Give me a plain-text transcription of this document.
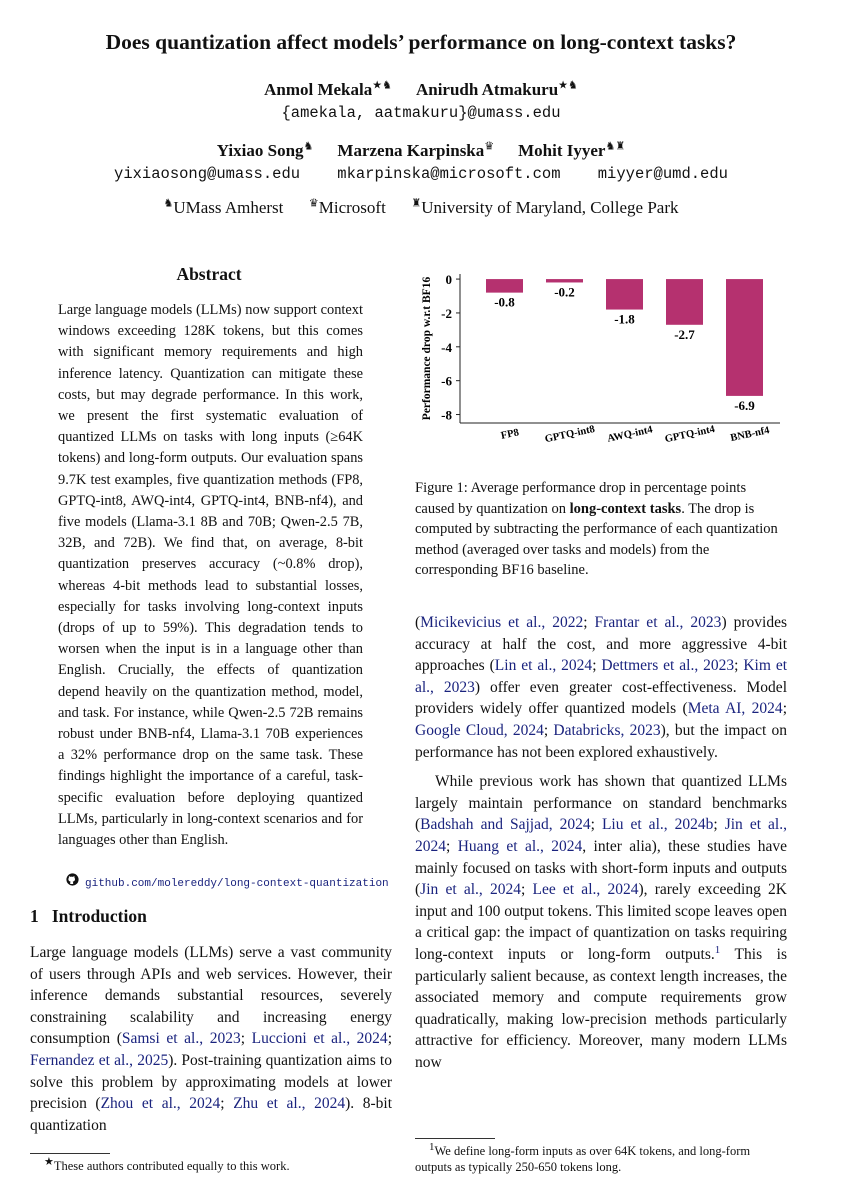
Does quantization affect models’ performance on long-context tasks?
Anmol Mekala★♞ Anirudh Atmakuru★♞
{amekala, aatmakuru}@umass.edu
Yixiao Song♞ Marzena Karpinska♛ Mohit Iyyer♞♜
yixiaosong@umass.edu mkarpinska@microsoft.com miyyer@umd.edu
♞UMass Amherst ♛Microsoft ♜University of Maryland, College Park
Abstract
Large language models (LLMs) now support context windows exceeding 128K tokens, but this comes with significant memory requirements and high inference latency. Quantization can mitigate these costs, but may degrade performance. In this work, we present the first systematic evaluation of quantized LLMs on tasks with long inputs (≥64K tokens) and long-form outputs. Our evaluation spans 9.7K test examples, five quantization methods (FP8, GPTQ-int8, AWQ-int4, GPTQ-int4, BNB-nf4), and five models (Llama-3.1 8B and 70B; Qwen-2.5 7B, 32B, and 72B). We find that, on average, 8-bit quantization preserves accuracy (~0.8% drop), whereas 4-bit methods lead to substantial losses, especially for tasks involving long-context inputs (drops of up to 59%). This degradation tends to worsen when the input is in a language other than English. Crucially, the effects of quantization depend heavily on the quantization method, model, and task. For instance, while Qwen-2.5 72B remains robust under BNB-nf4, Llama-3.1 70B experiences a 32% performance drop on the same task. These findings highlight the importance of a careful, task-specific evaluation before deploying quantized LLMs, particularly in long-context scenarios and for languages other than English.
github.com/molereddy/long-context-quantization
1 Introduction

Large language models (LLMs) serve a vast community of users through APIs and web services. However, their inference demands substantial resources, severely constraining scalability and increasing energy consumption (Samsi et al., 2023; Luccioni et al., 2024; Fernandez et al., 2025). Post-training quantization aims to solve this problem by approximating models at lower precision (Zhou et al., 2024; Zhu et al., 2024). 8-bit quantization

★These authors contributed equally to this work.
0
-2
-4
-6
-8
Performance drop w.r.t BF16	-0.8
FP8
-0.2
GPTQ-int8
-1.8
AWQ-int4
-2.7
GPTQ-int4
-6.9
BNB-nf4
Figure 1: Average performance drop in percentage points caused by quantization on long-context tasks. The drop is computed by subtracting the performance of each quantization method (averaged over tasks and models) from the corresponding BF16 baseline.

(Micikevicius et al., 2022; Frantar et al., 2023) provides accuracy at half the cost, and more aggressive 4-bit approaches (Lin et al., 2024; Dettmers et al., 2023; Kim et al., 2023) offer even greater cost-effectiveness. Model providers widely offer quantized models (Meta AI, 2024; Google Cloud, 2024; Databricks, 2023), but the impact on performance has not been explored exhaustively.

While previous work has shown that quantized LLMs largely maintain performance on standard benchmarks (Badshah and Sajjad, 2024; Liu et al., 2024b; Jin et al., 2024; Huang et al., 2024, inter alia), these studies have mainly focused on tasks with short-form inputs and outputs (Jin et al., 2024; Lee et al., 2024), rarely exceeding 2K input and 100 output tokens. This limited scope leaves open a critical gap: the impact of quantization on tasks requiring long-context inputs or long-form outputs.$^1$ This is particularly salient because, as context length increases, the associated memory and compute requirements grow quadratically, making low-precision methods particularly attractive for efficiency. Moreover, many modern LLMs now

1We define long-form inputs as over 64K tokens, and long-form outputs as typically 250-650 tokens long.
